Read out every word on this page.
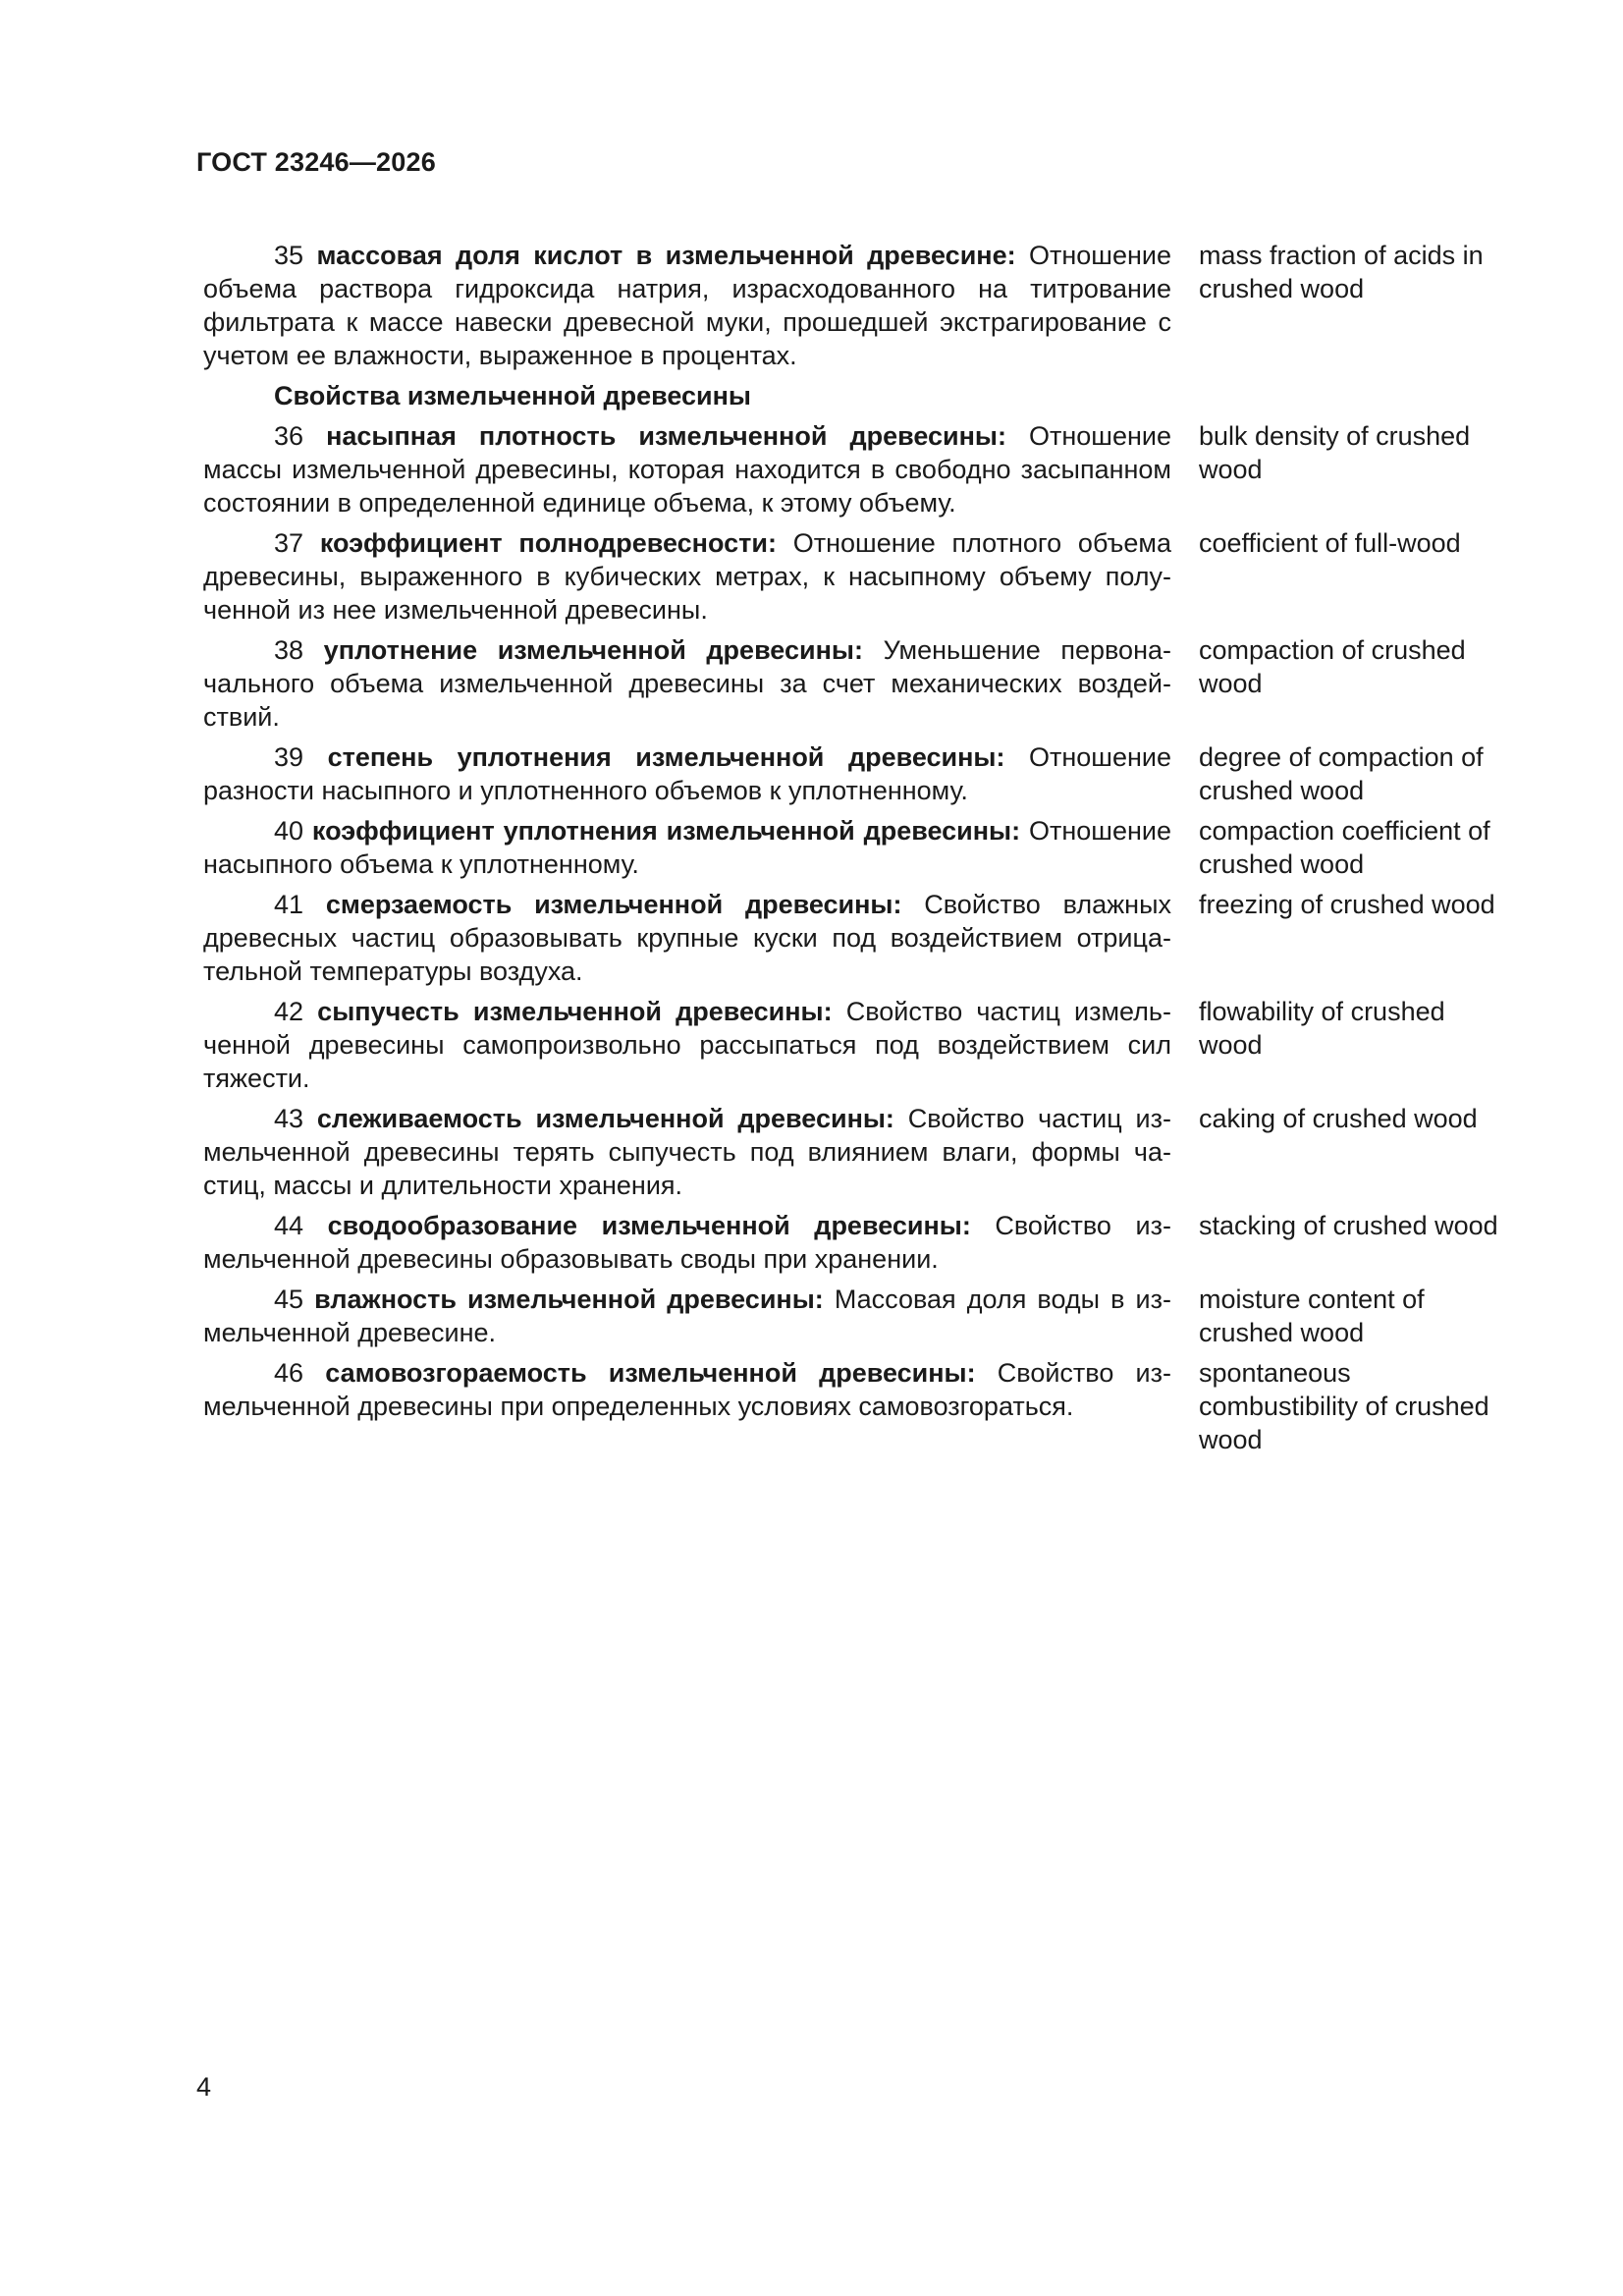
ГОСТ 23246—2026
35 массовая доля кислот в измельченной древесине: Отношение объема раствора гидроксида натрия, израсходованного на титрование фильтрата к массе навески древесной муки, прошедшей экстрагирование с учетом ее влажности, выраженное в процентах.
mass fraction of acids in crushed wood
Свойства измельченной древесины
36 насыпная плотность измельченной древесины: Отношение массы измельченной древесины, которая находится в свободно засыпанном состоянии в определенной единице объема, к этому объему.
bulk density of crushed wood
37 коэффициент полнодревесности: Отношение плотного объема древесины, выраженного в кубических метрах, к насыпному объему полученной из нее измельченной древесины.
coefficient of full-wood
38 уплотнение измельченной древесины: Уменьшение первоначального объема измельченной древесины за счет механических воздействий.
compaction of crushed wood
39 степень уплотнения измельченной древесины: Отношение разности насыпного и уплотненного объемов к уплотненному.
degree of compaction of crushed wood
40 коэффициент уплотнения измельченной древесины: Отношение насыпного объема к уплотненному.
compaction coefficient of crushed wood
41 смерзаемость измельченной древесины: Свойство влажных древесных частиц образовывать крупные куски под воздействием отрицательной температуры воздуха.
freezing of crushed wood
42 сыпучесть измельченной древесины: Свойство частиц измельченной древесины самопроизвольно рассыпаться под воздействием сил тяжести.
flowability of crushed wood
43 слеживаемость измельченной древесины: Свойство частиц измельченной древесины терять сыпучесть под влиянием влаги, формы частиц, массы и длительности хранения.
caking of crushed wood
44 сводообразование измельченной древесины: Свойство измельченной древесины образовывать своды при хранении.
stacking of crushed wood
45 влажность измельченной древесины: Массовая доля воды в измельченной древесине.
moisture content of crushed wood
46 самовозгораемость измельченной древесины: Свойство измельченной древесины при определенных условиях самовозгораться.
spontaneous combustibility of crushed wood
4
